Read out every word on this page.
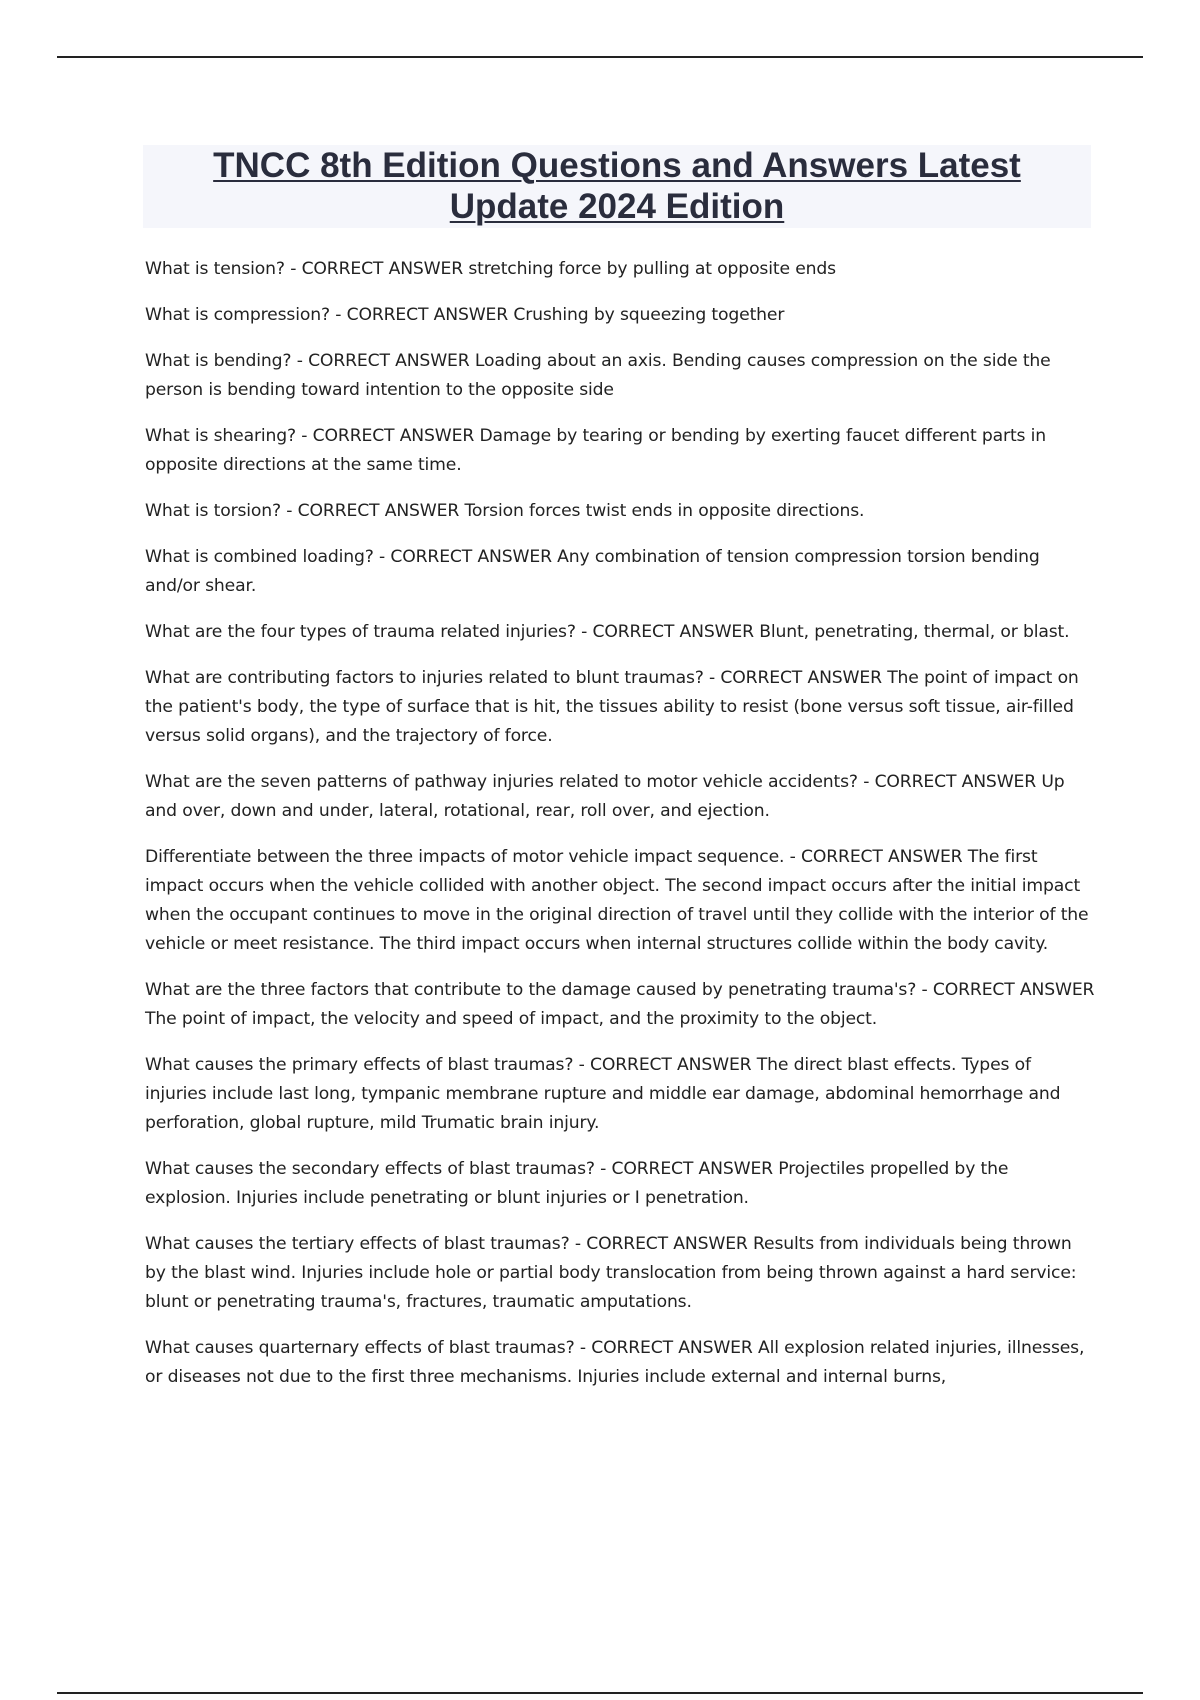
TNCC 8th Edition Questions and Answers Latest
Update 2024 Edition

What is tension? - CORRECT ANSWER stretching force by pulling at opposite ends

What is compression? - CORRECT ANSWER Crushing by squeezing together

What is bending? - CORRECT ANSWER Loading about an axis. Bending causes compression on the side the person is bending toward intention to the opposite side

What is shearing? - CORRECT ANSWER Damage by tearing or bending by exerting faucet different parts in opposite directions at the same time.

What is torsion? - CORRECT ANSWER Torsion forces twist ends in opposite directions.

What is combined loading? - CORRECT ANSWER Any combination of tension compression torsion bending and/or shear.

What are the four types of trauma related injuries? - CORRECT ANSWER Blunt, penetrating, thermal, or blast.

What are contributing factors to injuries related to blunt traumas? - CORRECT ANSWER The point of impact on the patient's body, the type of surface that is hit, the tissues ability to resist (bone versus soft tissue, air-filled versus solid organs), and the trajectory of force.

What are the seven patterns of pathway injuries related to motor vehicle accidents? - CORRECT ANSWER Up and over, down and under, lateral, rotational, rear, roll over, and ejection.

Differentiate between the three impacts of motor vehicle impact sequence. - CORRECT ANSWER The first impact occurs when the vehicle collided with another object. The second impact occurs after the initial impact when the occupant continues to move in the original direction of travel until they collide with the interior of the vehicle or meet resistance. The third impact occurs when internal structures collide within the body cavity.

What are the three factors that contribute to the damage caused by penetrating trauma's? - CORRECT ANSWER The point of impact, the velocity and speed of impact, and the proximity to the object.

What causes the primary effects of blast traumas? - CORRECT ANSWER The direct blast effects. Types of injuries include last long, tympanic membrane rupture and middle ear damage, abdominal hemorrhage and perforation, global rupture, mild Trumatic brain injury.

What causes the secondary effects of blast traumas? - CORRECT ANSWER Projectiles propelled by the explosion. Injuries include penetrating or blunt injuries or I penetration.

What causes the tertiary effects of blast traumas? - CORRECT ANSWER Results from individuals being thrown by the blast wind. Injuries include hole or partial body translocation from being thrown against a hard service: blunt or penetrating trauma's, fractures, traumatic amputations.

What causes quarternary effects of blast traumas? - CORRECT ANSWER All explosion related injuries, illnesses, or diseases not due to the first three mechanisms. Injuries include external and internal burns,
